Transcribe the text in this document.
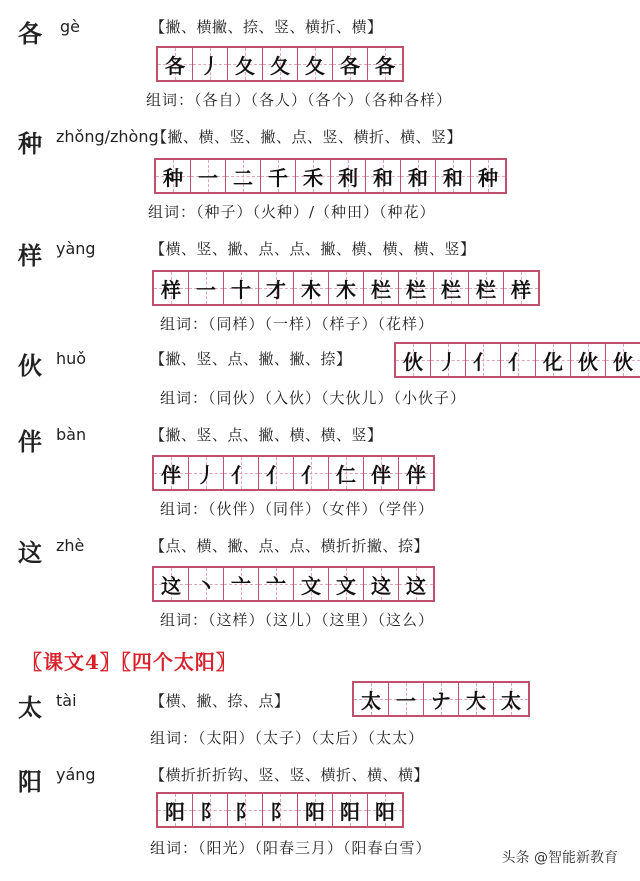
各 gè	【撇、横撇、捺、竖、横折、横】
各 丿 夂 夂 夂 各 各
组词：（各自）（各人）（各个）（各种各样）
种 zhǒng/zhòng
【撇、横、竖、撇、点、竖、横折、横、竖】
种 一 二 千 禾 利 和 和 和 种
组词：（种子）（火种）/（种田）（种花）
样 yàng	【横、竖、撇、点、点、撇、横、横、横、竖】
样 一 十 才 木 木 栏 栏 栏 栏 样
组词：（同样）（一样）（样子）（花样）
伙 huǒ	【撇、竖、点、撇、撇、捺】	伙 丿 亻 亻 化 伙 伙
组词：（同伙）（入伙）（大伙儿）（小伙子）
伴 bàn	【撇、竖、点、撇、横、横、竖】
伴 丿 亻 亻 亻 仁 伴 伴
组词：（伙伴）（同伴）（女伴）（学伴）
这 zhè	【点、横、撇、点、点、横折折撇、捺】
这 丶 亠 亠 文 文 这 这
组词：（这样）（这儿）（这里）（这么）
〖课文4〗〖四个太阳〗
太 tài	【横、撇、捺、点】	太 一 ナ 大 太
组词：（太阳）（太子）（太后）（太太）
阳 yáng	【横折折折钩、竖、竖、横折、横、横】
阳 阝 阝 阝 阳 阳 阳
组词：（阳光）（阳春三月）（阳春白雪）
头条 @智能新教育
